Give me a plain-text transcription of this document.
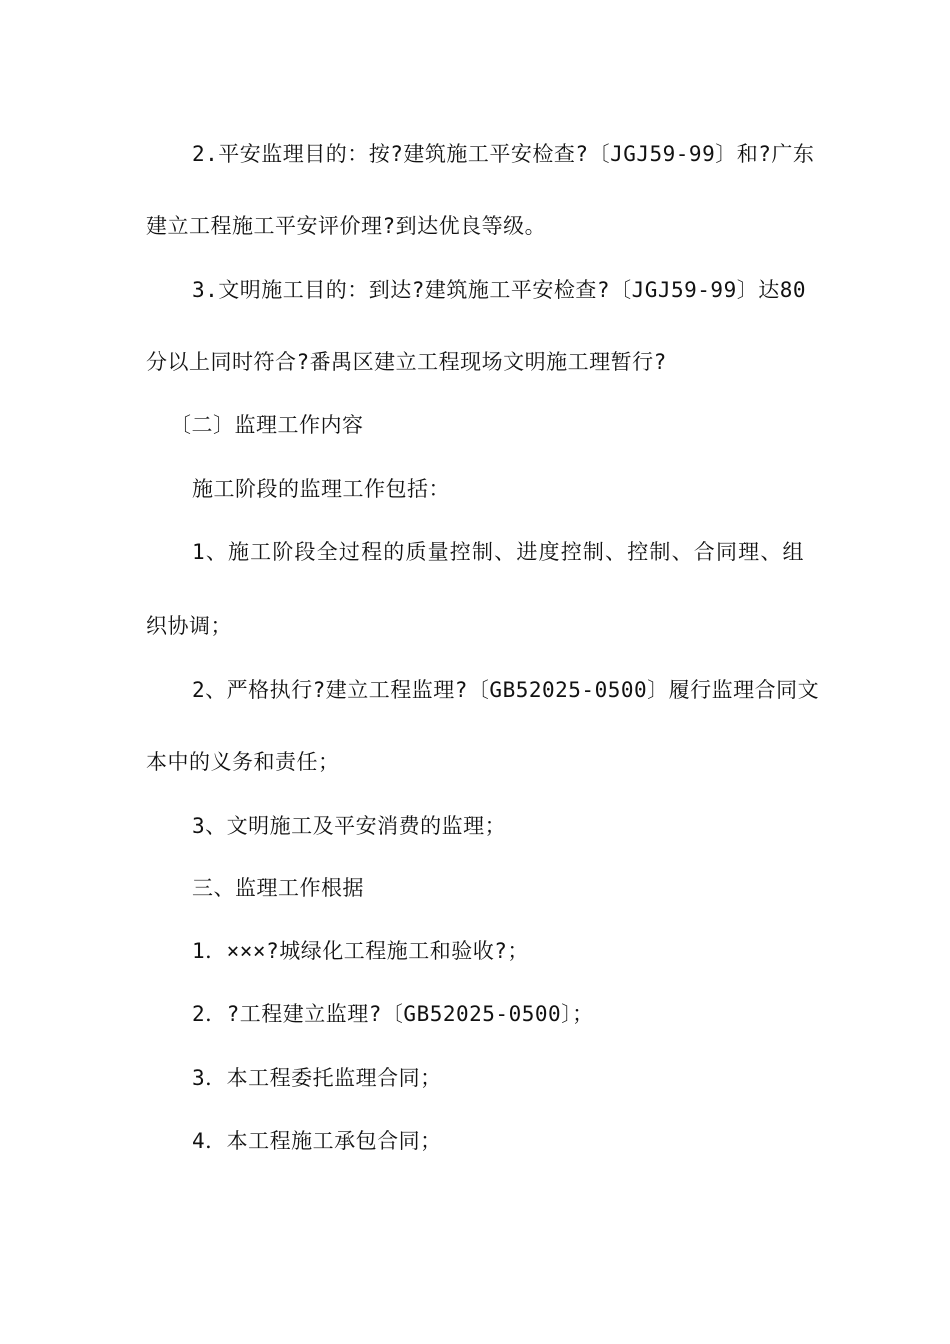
2.平安监理目的：按?建筑施工平安检查?〔JGJ59-99〕和?广东
建立工程施工平安评价理?到达优良等级。
3.文明施工目的：到达?建筑施工平安检查?〔JGJ59-99〕达80
分以上同时符合?番禺区建立工程现场文明施工理暂行?
〔二〕监理工作内容
施工阶段的监理工作包括：
1、施工阶段全过程的质量控制、进度控制、控制、合同理、组
织协调；
2、严格执行?建立工程监理?〔GB52025-0500〕履行监理合同文
本中的义务和责任；
3、文明施工及平安消费的监理；
三、监理工作根据
1．×××?城绿化工程施工和验收?；
2．?工程建立监理?〔GB52025-0500〕；
3．本工程委托监理合同；
4．本工程施工承包合同；
